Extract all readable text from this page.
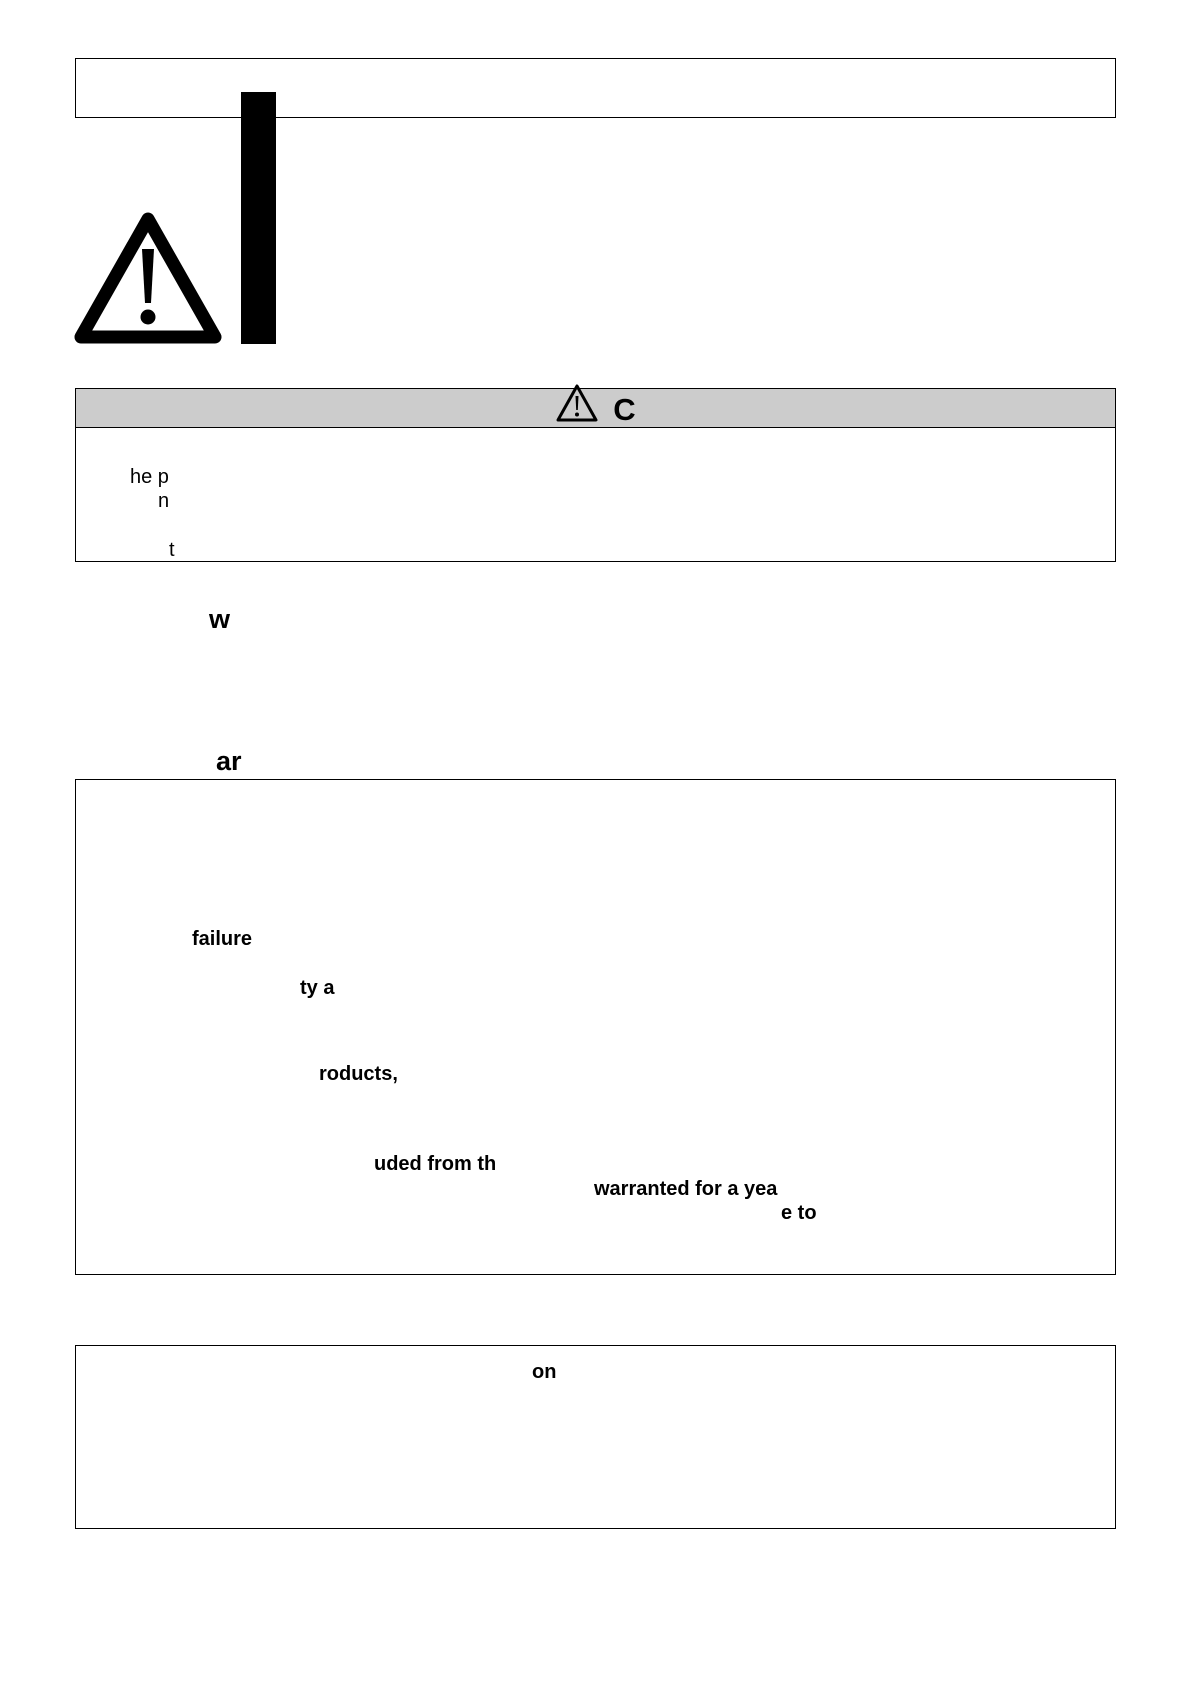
C
he p
n
t
w
ar
failure
ty a
roducts,
uded from th
warranted for a yea
e to
on
